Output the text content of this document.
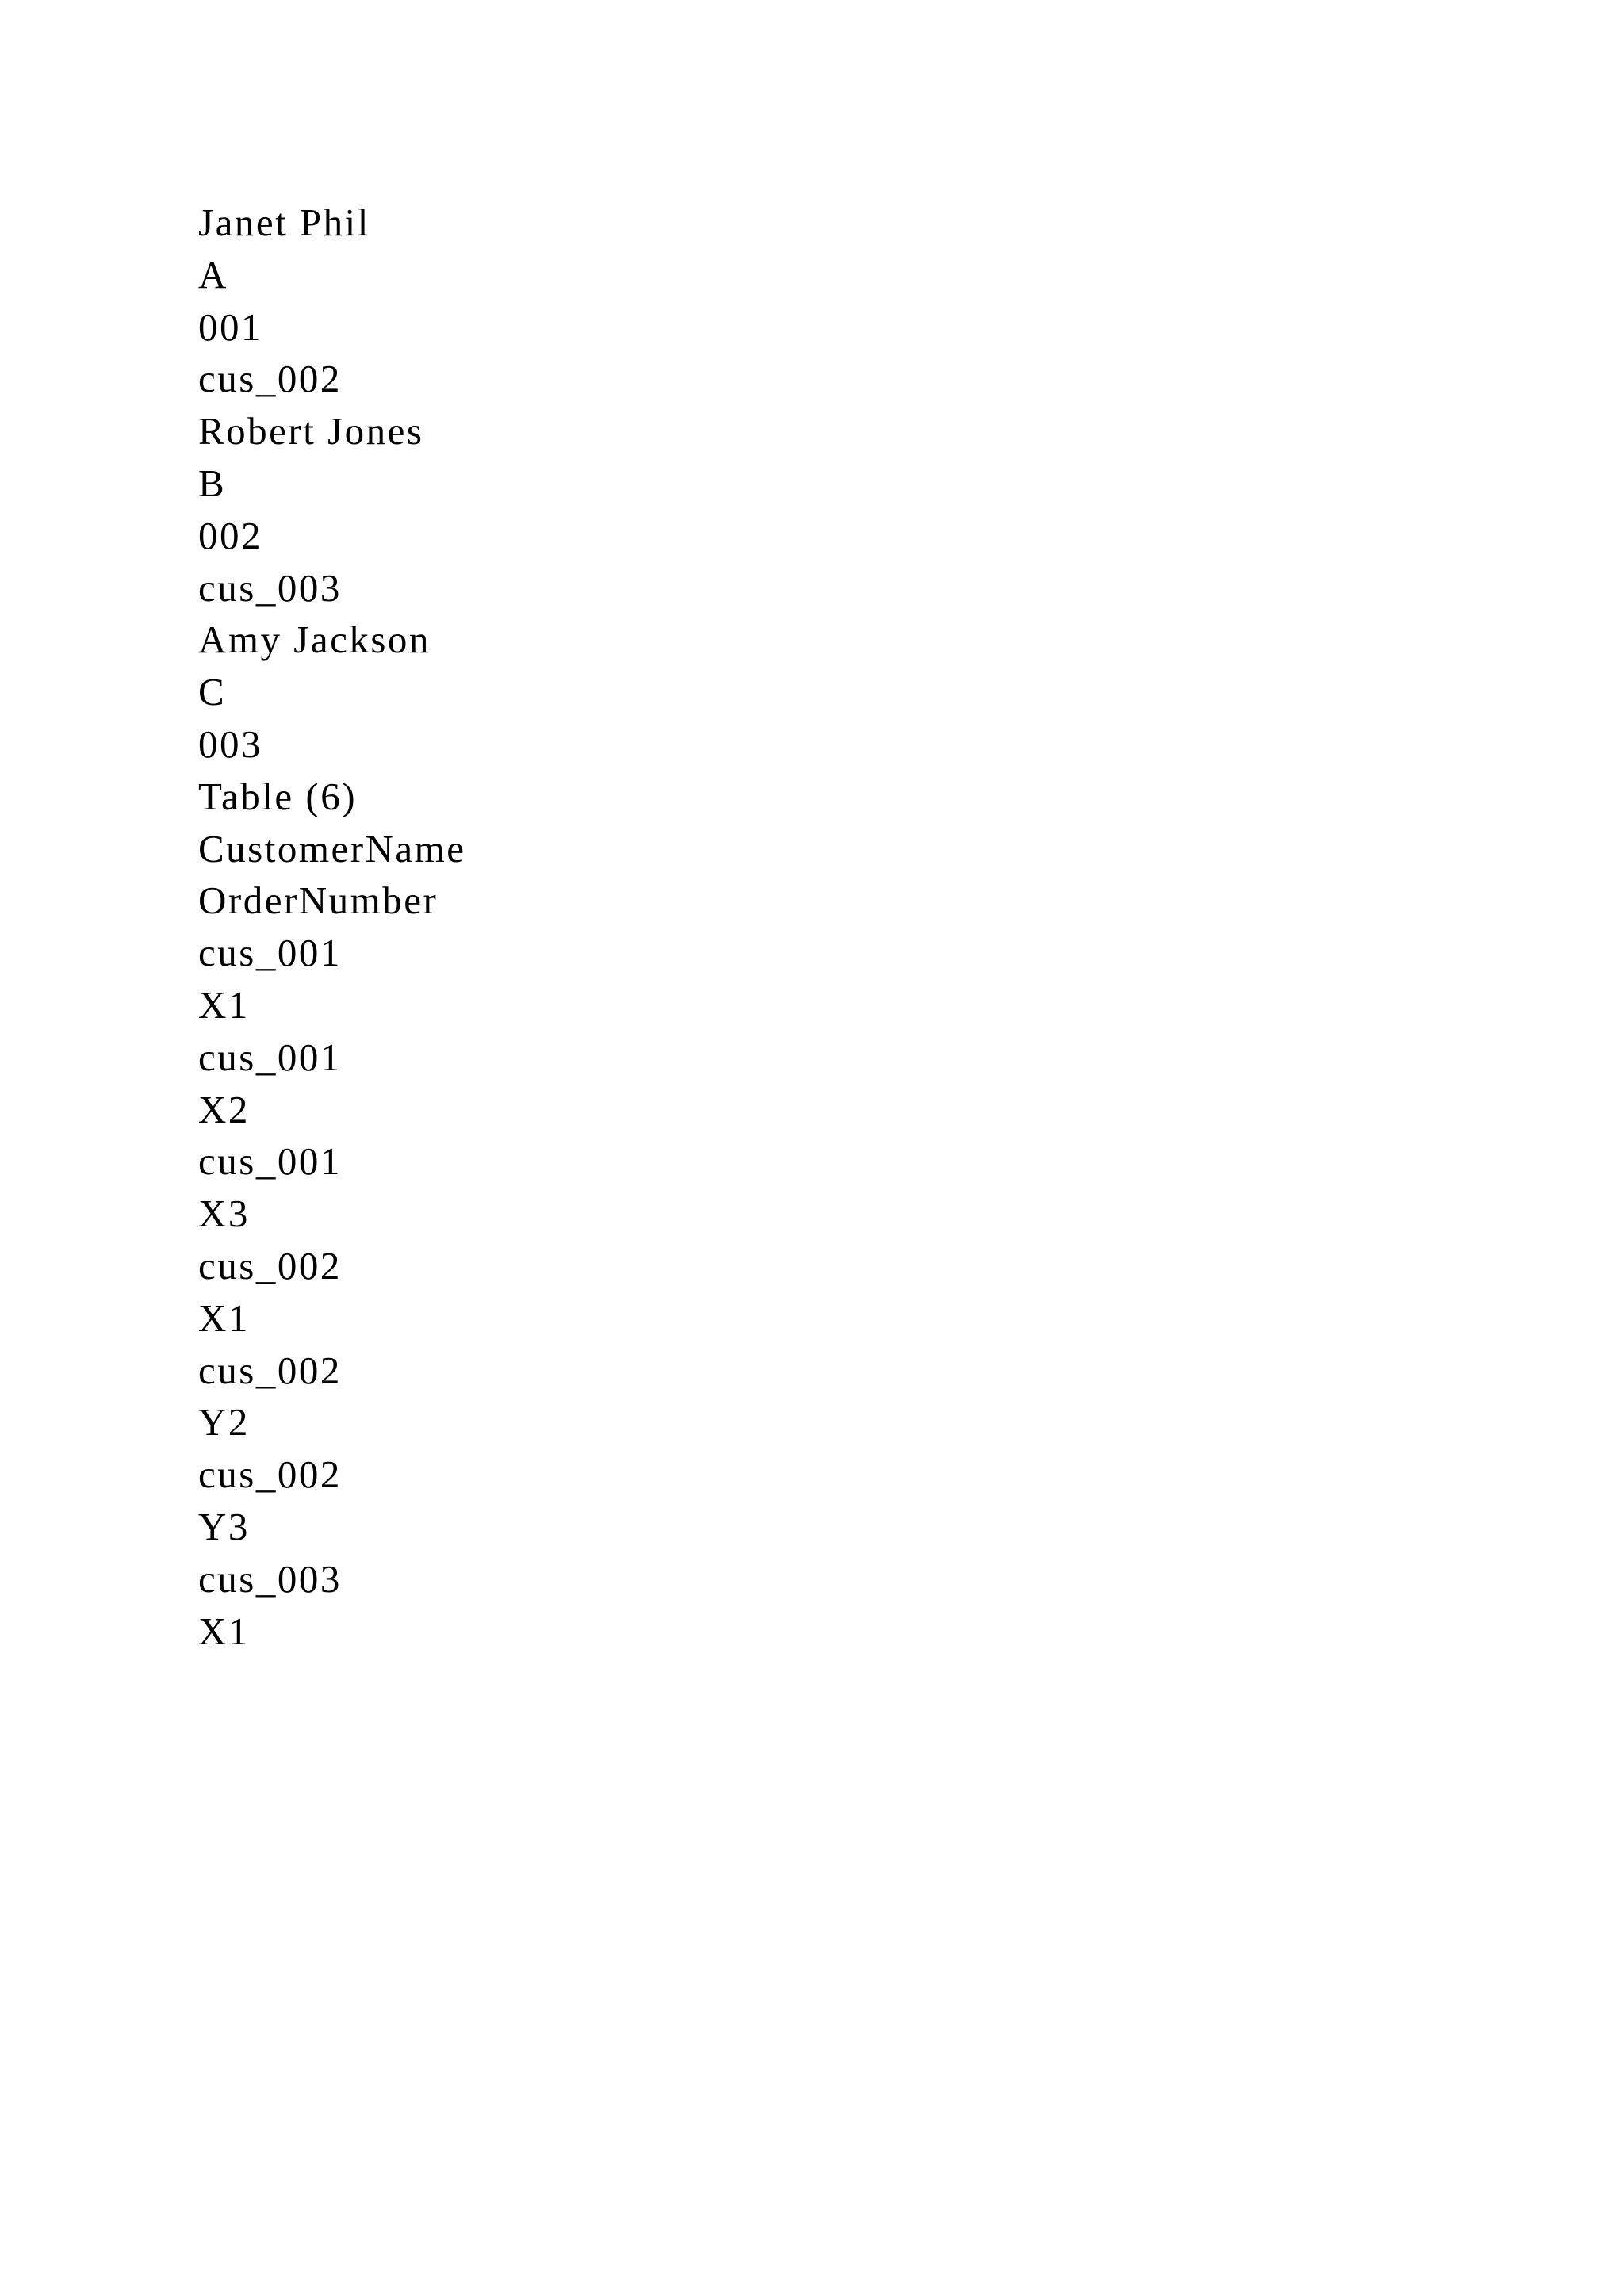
Janet Phil
A
001
cus_002
Robert Jones
B
002
cus_003
Amy Jackson
C
003
Table (6)
CustomerName
OrderNumber
cus_001
X1
cus_001
X2
cus_001
X3
cus_002
X1
cus_002
Y2
cus_002
Y3
cus_003
X1
